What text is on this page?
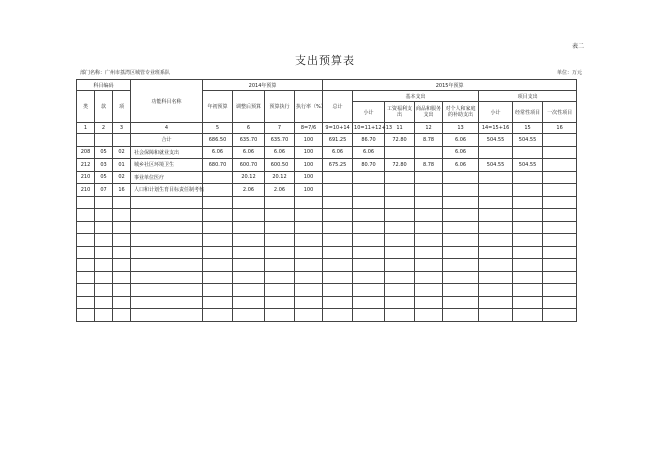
表二
支出预算表
部门名称：广州市荔湾区城管专业班系队	单位：万元
科目编码			功能科目名称	2014年预算				2015年预算							
类	款	项		年初预算	调整后预算	预算执行	执行率（%）	总计	基本支出				项目支出		
									小计	工资福利支出	商品和服务支出	对个人和家庭的补助支出	小计	经常性项目	一次性项目
1	2	3	4	5	6	7	8=7/6	9=10+14	10=11+12+13	11	12	13	14=15+16	15	16
			合计	686.50	635.70	635.70	100	691.25	86.70	72.80	8.78	6.06	504.55	504.55	
208	05	02	社会保障和就业支出	6.06	6.06	6.06	100	6.06	6.06			6.06			
212	03	01	城乡社区环境卫生	680.70	600.70	600.50	100	675.25	80.70	72.80	8.78	6.06	504.55	504.55	
210	05	02	事业单位医疗		20.12	20.12	100								
210	07	16	人口和计划生育目标责任制考核		2.06	2.06	100								
